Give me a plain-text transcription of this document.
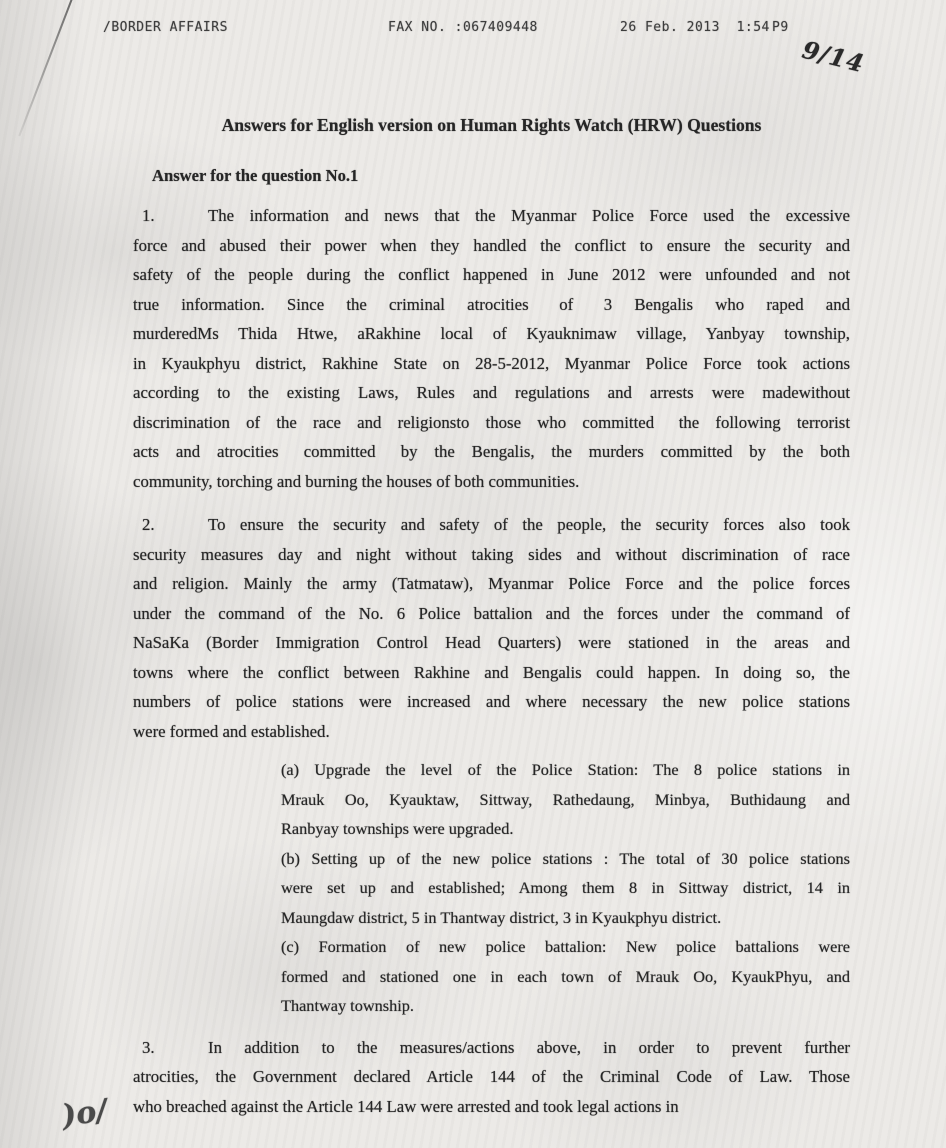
/BORDER AFFAIRS	FAX NO. :067409448	26 Feb. 2013  1:54 P9
9/14
Answers for English version on Human Rights Watch (HRW) Questions
Answer for the question No.1
1.	The information and news that the Myanmar Police Force used the excessive
force and abused their power when they handled the conflict to ensure the security and
safety of the people during the conflict happened in June 2012 were unfounded and not
true information. Since the criminal atrocities  of  3 Bengalis who raped and
murderedMs Thida Htwe, aRakhine local of Kyauknimaw village, Yanbyay township,
in Kyaukphyu district, Rakhine State on 28-5-2012, Myanmar Police Force took actions
according to the existing Laws, Rules and regulations and arrests were madewithout
discrimination of the race and religionsto those who committed  the following terrorist
acts and atrocities  committed  by the Bengalis, the murders committed by the both
community, torching and burning the houses of both communities.
2.	To ensure the security and safety of the people, the security forces also took
security measures day and night without taking sides and without discrimination of race
and religion. Mainly the army (Tatmataw), Myanmar Police Force and the police forces
under the command of the No. 6 Police battalion and the forces under the command of
NaSaKa (Border Immigration Control Head Quarters) were stationed in the areas and
towns where the conflict between Rakhine and Bengalis could happen. In doing so, the
numbers of police stations were increased and where necessary the new police stations
were formed and established.
(a) Upgrade the level of the Police Station: The 8 police stations in
Mrauk Oo, Kyauktaw, Sittway, Rathedaung, Minbya, Buthidaung and
Ranbyay townships were upgraded.
(b) Setting up of the new police stations : The total of 30 police stations
were set up and established; Among them 8 in Sittway district, 14 in
Maungdaw district, 5 in Thantway district, 3 in Kyaukphyu district.
(c) Formation of new police battalion: New police battalions were
formed and stationed one in each town of Mrauk Oo, KyaukPhyu, and
Thantway township.
3.	In addition to the measures/actions above, in order to prevent further
atrocities, the Government declared Article 144 of the Criminal Code of Law. Those
who breached against the Article 144 Law were arrested and took legal actions in
)o/
